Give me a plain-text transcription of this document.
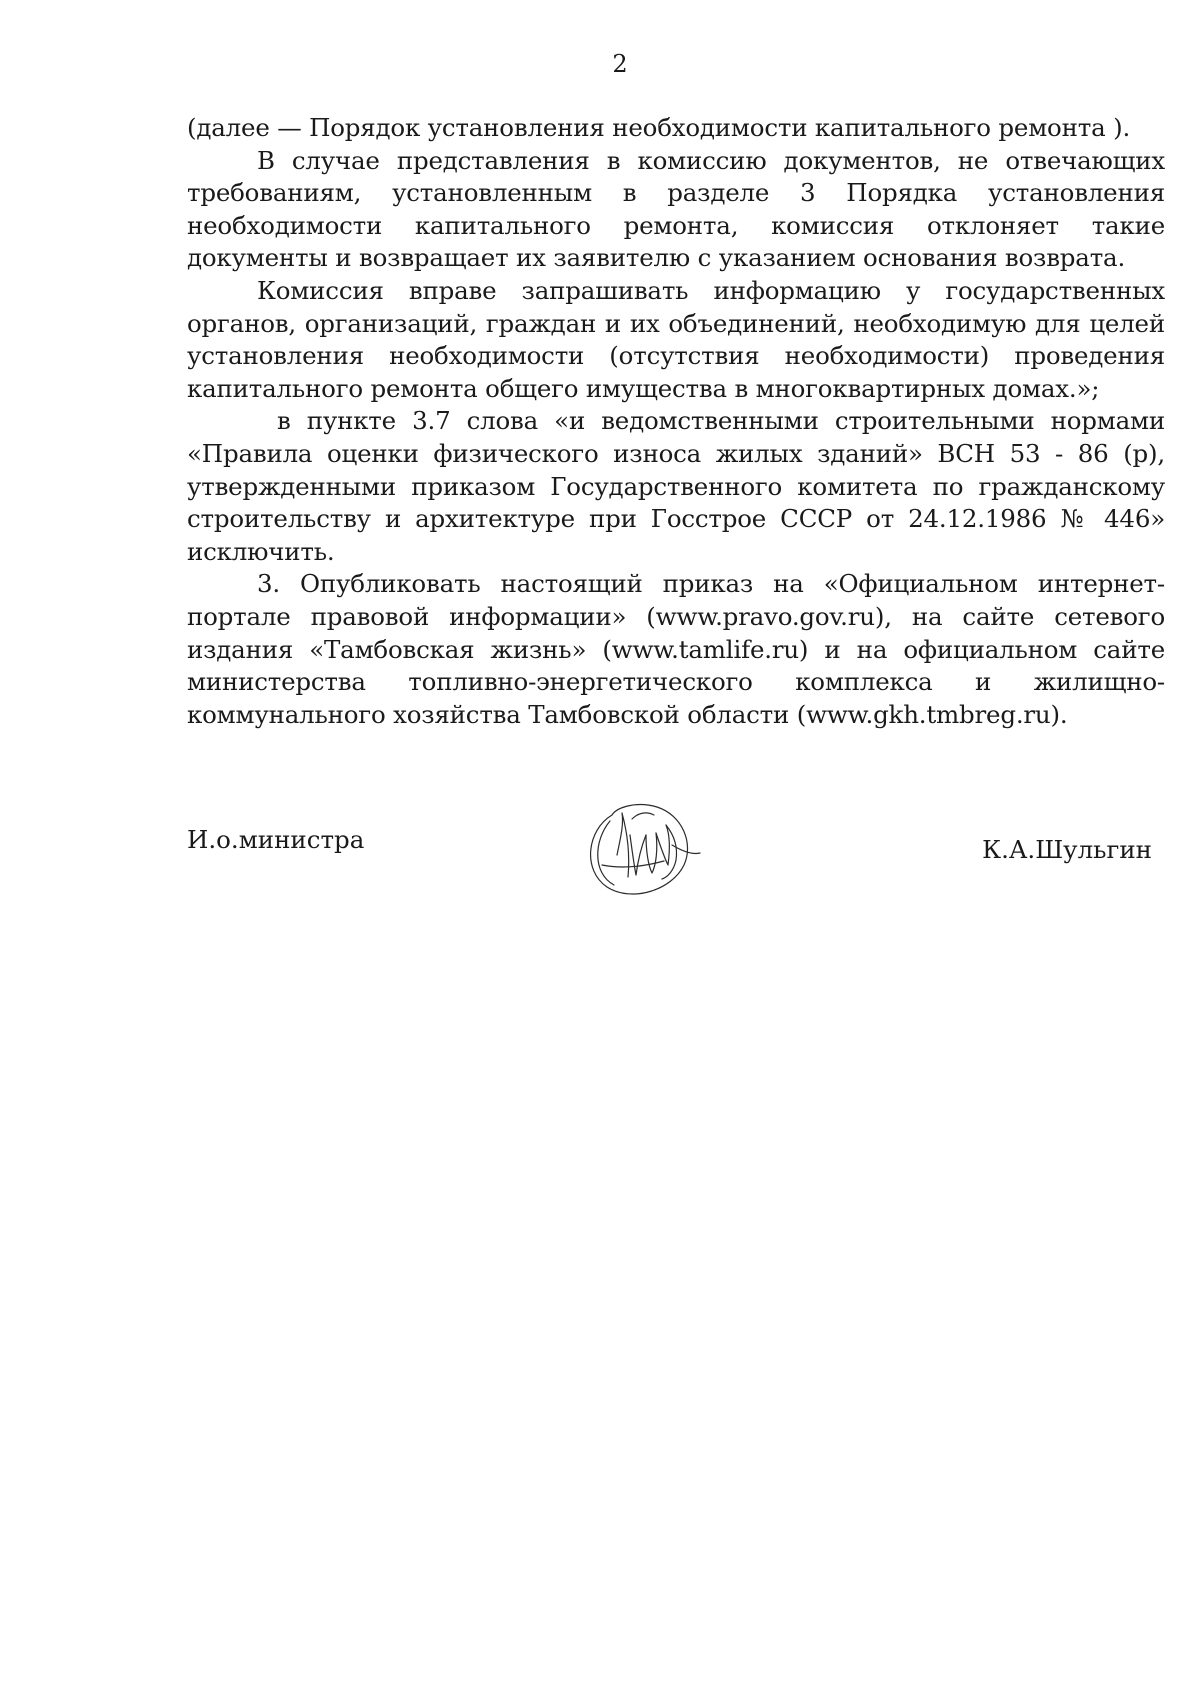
2

(далее — Порядок установления необходимости капитального ремонта ).

В случае представления в комиссию документов, не отвечающих требованиям, установленным в разделе 3 Порядка установления необходимости капитального ремонта, комиссия отклоняет такие документы и возвращает их заявителю с указанием основания возврата.

Комиссия вправе запрашивать информацию у государственных органов, организаций, граждан и их объединений, необходимую для целей установления необходимости (отсутствия необходимости) проведения капитального ремонта общего имущества в многоквартирных домах.»;

в пункте 3.7 слова «и ведомственными строительными нормами «Правила оценки физического износа жилых зданий» ВСН 53 - 86 (р), утвержденными приказом Государственного комитета по гражданскому строительству и архитектуре при Госстрое СССР от 24.12.1986 № 446» исключить.

3. Опубликовать настоящий приказ на «Официальном интернет-портале правовой информации» (www.pravo.gov.ru), на сайте сетевого издания «Тамбовская жизнь» (www.tamlife.ru) и на официальном сайте министерства топливно-энергетического комплекса и жилищно-коммунального хозяйства Тамбовской области (www.gkh.tmbreg.ru).

И.о.министра	К.А.Шульгин
